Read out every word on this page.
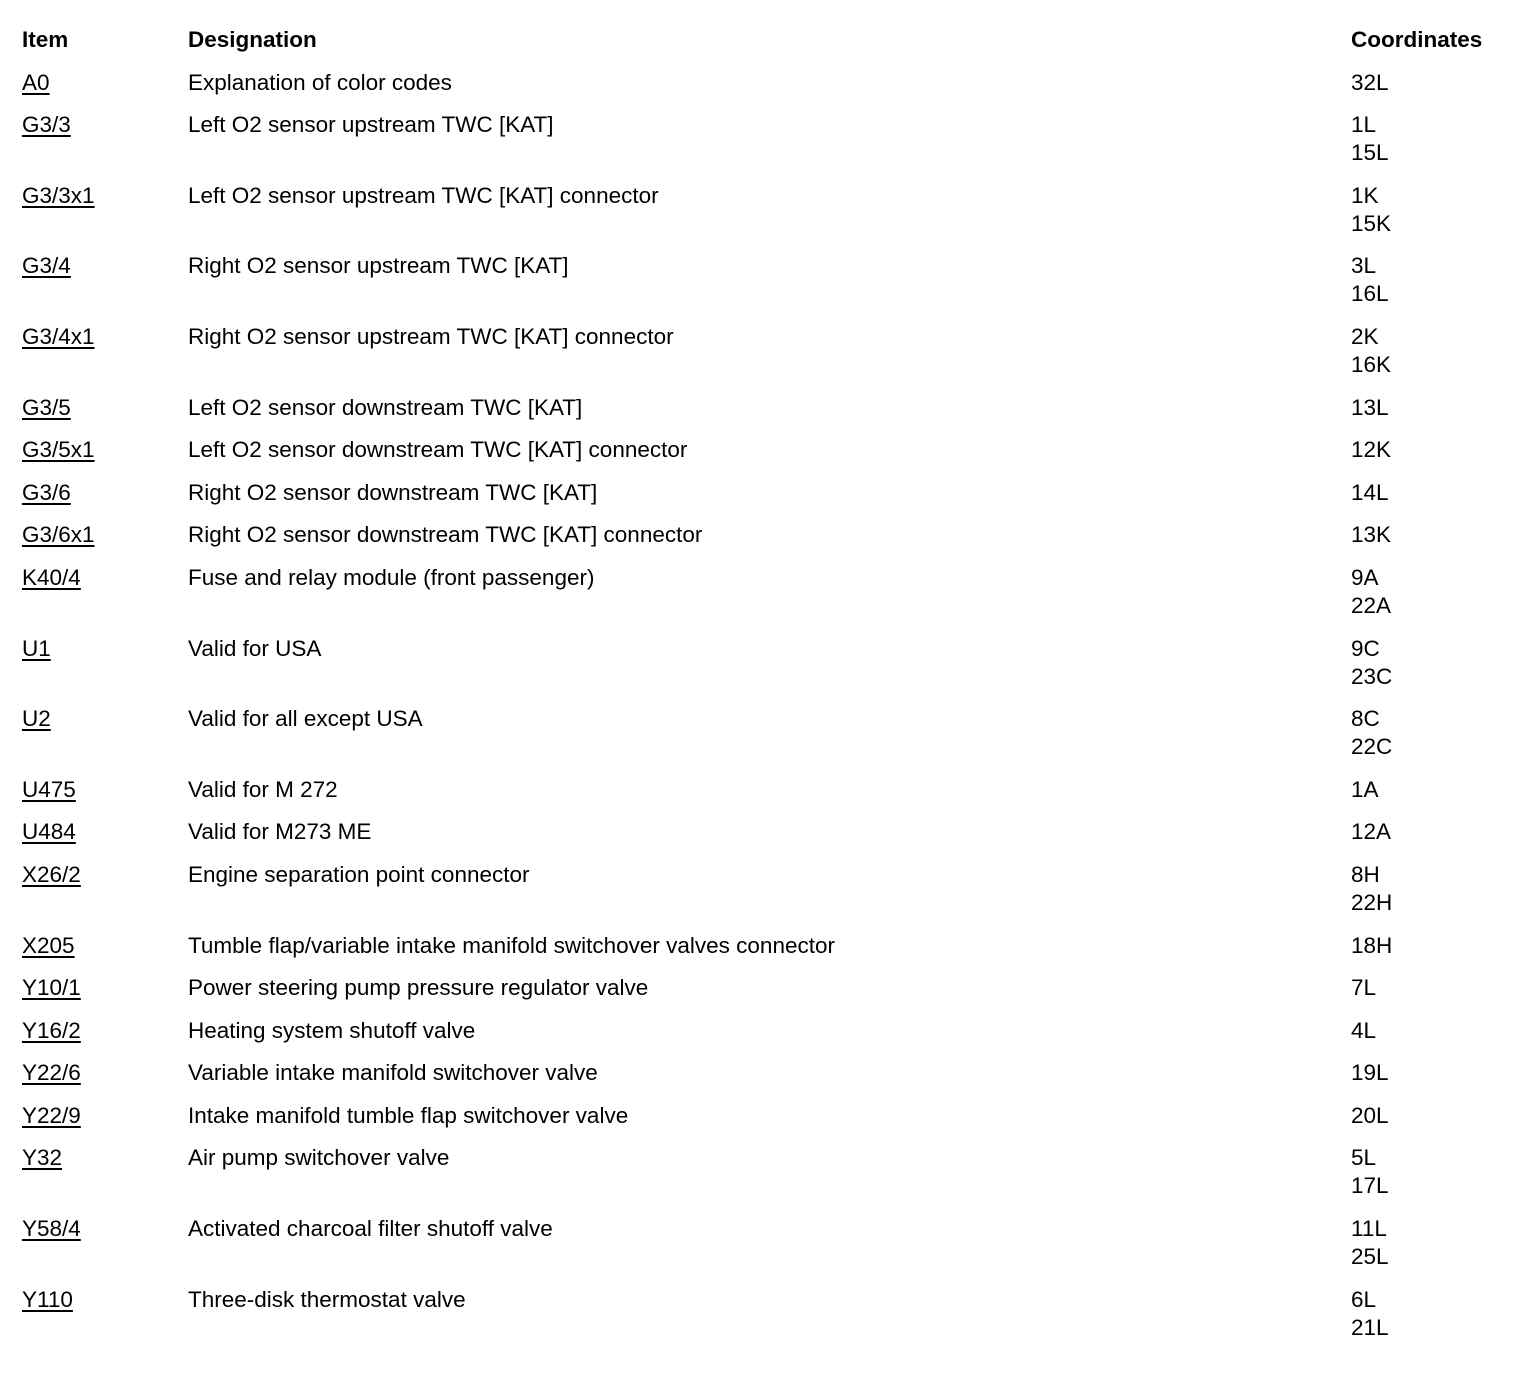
Item	Designation	Coordinates
A0	Explanation of color codes	32L

G3/3	Left O2 sensor upstream TWC [KAT]	1L
15L

G3/3x1	Left O2 sensor upstream TWC [KAT] connector	1K
15K

G3/4	Right O2 sensor upstream TWC [KAT]	3L
16L

G3/4x1	Right O2 sensor upstream TWC [KAT] connector	2K
16K

G3/5	Left O2 sensor downstream TWC [KAT]	13L

G3/5x1	Left O2 sensor downstream TWC [KAT] connector	12K

G3/6	Right O2 sensor downstream TWC [KAT]	14L

G3/6x1	Right O2 sensor downstream TWC [KAT] connector	13K

K40/4	Fuse and relay module (front passenger)	9A
22A

U1	Valid for USA	9C
23C

U2	Valid for all except USA	8C
22C

U475	Valid for M 272	1A

U484	Valid for M273 ME	12A

X26/2	Engine separation point connector	8H
22H

X205	Tumble flap/variable intake manifold switchover valves connector	18H

Y10/1	Power steering pump pressure regulator valve	7L

Y16/2	Heating system shutoff valve	4L

Y22/6	Variable intake manifold switchover valve	19L

Y22/9	Intake manifold tumble flap switchover valve	20L

Y32	Air pump switchover valve	5L
17L

Y58/4	Activated charcoal filter shutoff valve	11L
25L

Y110	Three-disk thermostat valve	6L
21L
